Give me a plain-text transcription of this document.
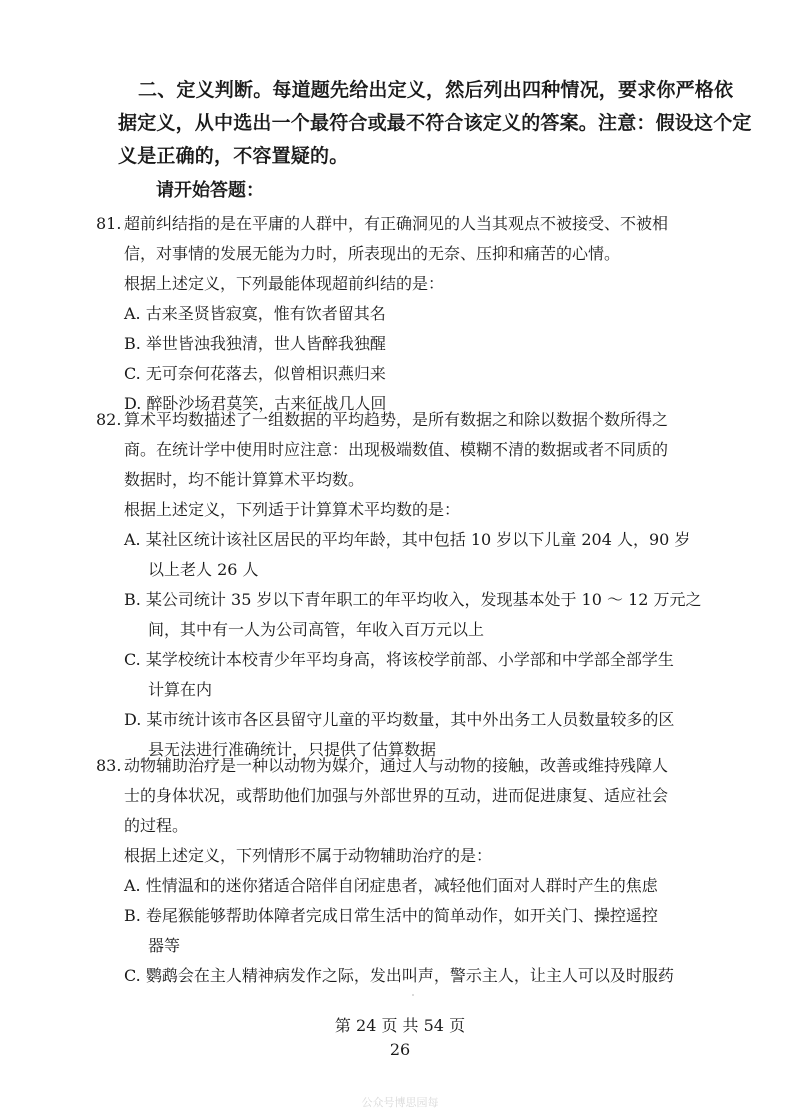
二、定义判断。每道题先给出定义，然后列出四种情况，要求你严格依
据定义，从中选出一个最符合或最不符合该定义的答案。注意：假设这个定
义是正确的，不容置疑的。
请开始答题：
81. 超前纠结指的是在平庸的人群中，有正确洞见的人当其观点不被接受、不被相
信，对事情的发展无能为力时，所表现出的无奈、压抑和痛苦的心情。
根据上述定义，下列最能体现超前纠结的是：
A. 古来圣贤皆寂寞，惟有饮者留其名
B. 举世皆浊我独清，世人皆醉我独醒
C. 无可奈何花落去，似曾相识燕归来
D. 醉卧沙场君莫笑，古来征战几人回
82. 算术平均数描述了一组数据的平均趋势，是所有数据之和除以数据个数所得之
商。在统计学中使用时应注意：出现极端数值、模糊不清的数据或者不同质的
数据时，均不能计算算术平均数。
根据上述定义，下列适于计算算术平均数的是：
A. 某社区统计该社区居民的平均年龄，其中包括 10 岁以下儿童 204 人，90 岁
以上老人 26 人
B. 某公司统计 35 岁以下青年职工的年平均收入，发现基本处于 10 ～ 12 万元之
间，其中有一人为公司高管，年收入百万元以上
C. 某学校统计本校青少年平均身高，将该校学前部、小学部和中学部全部学生
计算在内
D. 某市统计该市各区县留守儿童的平均数量，其中外出务工人员数量较多的区
县无法进行准确统计，只提供了估算数据
83. 动物辅助治疗是一种以动物为媒介，通过人与动物的接触，改善或维持残障人
士的身体状况，或帮助他们加强与外部世界的互动，进而促进康复、适应社会
的过程。
根据上述定义，下列情形不属于动物辅助治疗的是：
A. 性情温和的迷你猪适合陪伴自闭症患者，减轻他们面对人群时产生的焦虑
B. 卷尾猴能够帮助体障者完成日常生活中的简单动作，如开关门、操控遥控
器等
C. 鹦鹉会在主人精神病发作之际，发出叫声，警示主人，让主人可以及时服药
第 24 页 共 54 页
26
公众号博思园每
